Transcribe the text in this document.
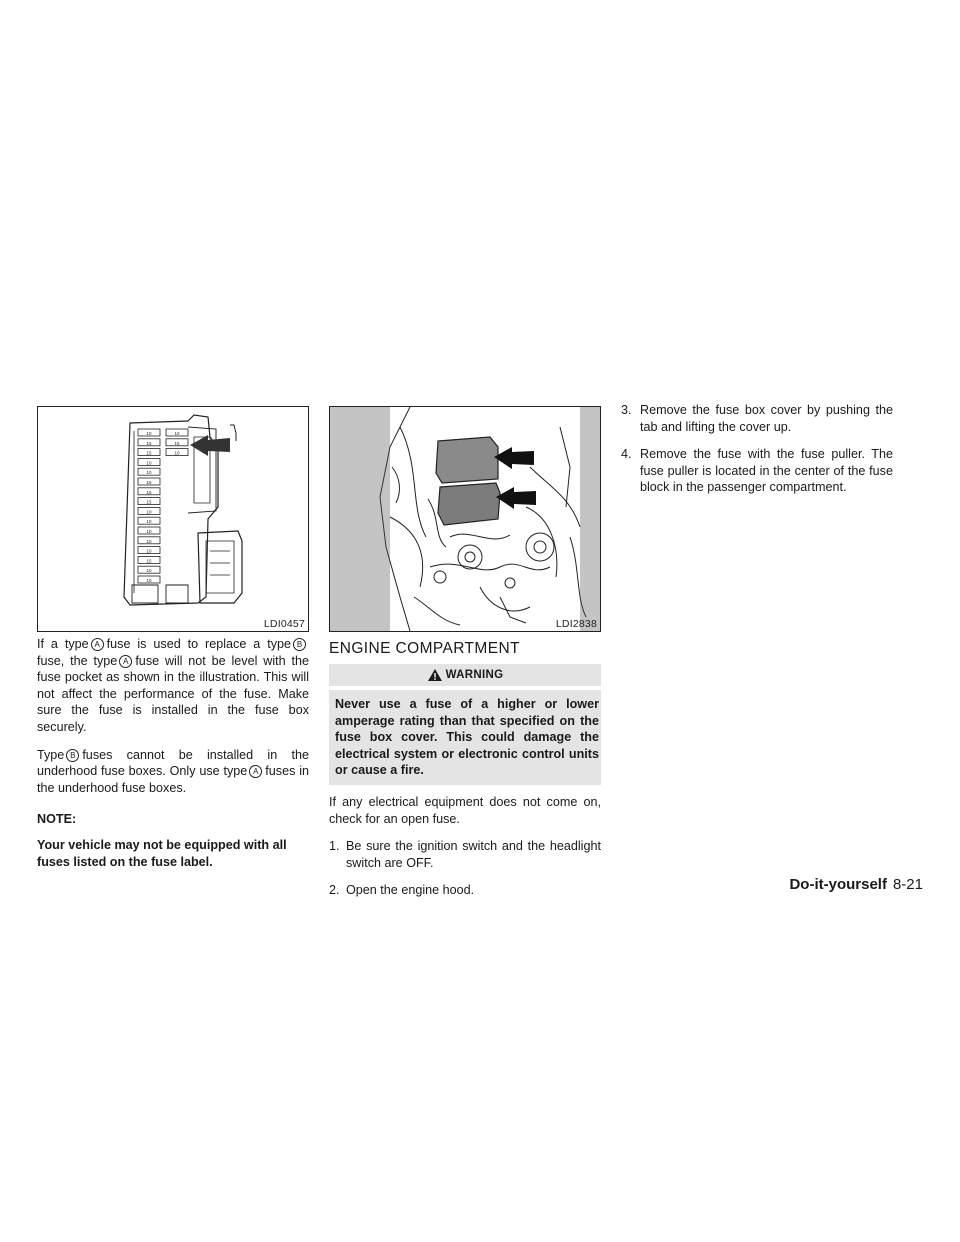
10
15
15
10
10
15
15
15
10
10
10
10
10
15
10
10
10
15
10
LDI0457

If a type A fuse is used to replace a type B fuse, the type A fuse will not be level with the fuse pocket as shown in the illustration. This will not affect the performance of the fuse. Make sure the fuse is installed in the fuse box securely.

Type B fuses cannot be installed in the underhood fuse boxes. Only use type A fuses in the underhood fuse boxes.

NOTE:

Your vehicle may not be equipped with all fuses listed on the fuse label.

LDI2838
ENGINE COMPARTMENT
WARNING
Never use a fuse of a higher or lower amperage rating than that specified on the fuse box cover. This could damage the electrical system or electronic control units or cause a fire.

If any electrical equipment does not come on, check for an open fuse.

1. Be sure the ignition switch and the headlight switch are OFF.
2. Open the engine hood.
3. Remove the fuse box cover by pushing the tab and lifting the cover up.
4. Remove the fuse with the fuse puller. The fuse puller is located in the center of the fuse block in the passenger compartment.
Do-it-yourself 8-21
